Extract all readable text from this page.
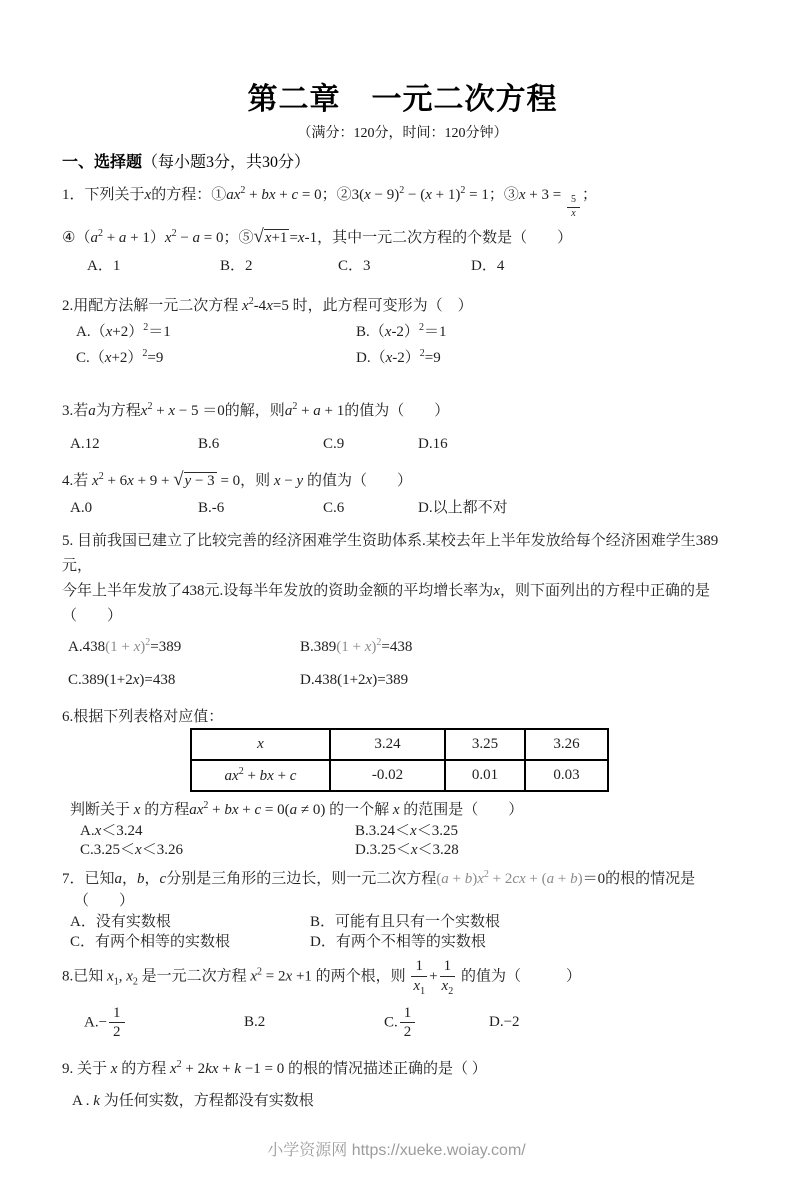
第二章　一元二次方程
（满分：120分，时间：120分钟）
一、选择题（每小题3分，共30分）
1．下列关于x的方程：$①ax^2$ + bx + c = 0；②3(x − $9)^2 - (x + 1)^2 = 1$；③x + $3 = \frac{5}{x}$ ；
$④(a^2 + a + 1)x^2 - a = 0$；⑤√x+1 =x-1，其中一元二次方程的个数是（　　）
A．1	B．2	C．3	D．4
2.用配方法解一元二次方程 $x^2-4x=5$ 时，此方程可变形为（　）
$A.(x+2)^2=1$	$B.(x-2)^2=1$
$C.(x+2)^2=9$	$D.(x-2)^2=9$
3.若a为方程$x^2 + x - 5 =0$的解，则$a^2 + a + 1$的值为（　　）
A.12	B.6	C.9	D.16
4.若 $x^2 + 6x + 9 + √y - 3 = 0$，则 x − y 的值为（　　）
A.0	B.-6	C.6	D.以上都不对
5. 目前我国已建立了比较完善的经济困难学生资助体系.某校去年上半年发放给每个经济困难学生389元，
今年上半年发放了438元.设每半年发放的资助金额的平均增长率为x，则下面列出的方程中正确的是
（　　）
$A.438(1 + x)^2=389$	$B.389(1 + x)^2=438$
C.389(1+2x)=438	D.438(1+2x)=389
6.根据下列表格对应值：
x	3.24	3.25	3.26
$ax^2$ + bx + c	-0.02	0.01	0.03
判断关于 x 的方程$ax^2$ + bx + c = 0(a ≠ 0) 的一个解 x 的范围是（　　）
A.x＜3.24	B.3.24＜x＜3.25
C.3.25＜x＜3.26	D.3.25＜x＜3.28
7．已知a，b，c分别是三角形的三边长，则一元二次方程$(a + b)x^2 + 2cx + (a + b)=0$的根的情况是
（　　）
A．没有实数根	B．可能有且只有一个实数根
C．有两个相等的实数根	D．有两个不相等的实数根
8.已知 $x_1$, $x_2$ 是一元二次方程 $x^2 = 2x +1$ 的两个根，则 $\frac{1}{x_1} + \frac{1}{x_2}$ 的值为（　　　）
$A.- \frac{1}{2}$	B.2	C. $\frac{1}{2}$	D.−2
9. 关于 x 的方程 $x^2 + 2kx + k -1 = 0$ 的根的情况描述正确的是（ ）
A . k 为任何实数，方程都没有实数根
小学资源网 https://xueke.woiay.com/
